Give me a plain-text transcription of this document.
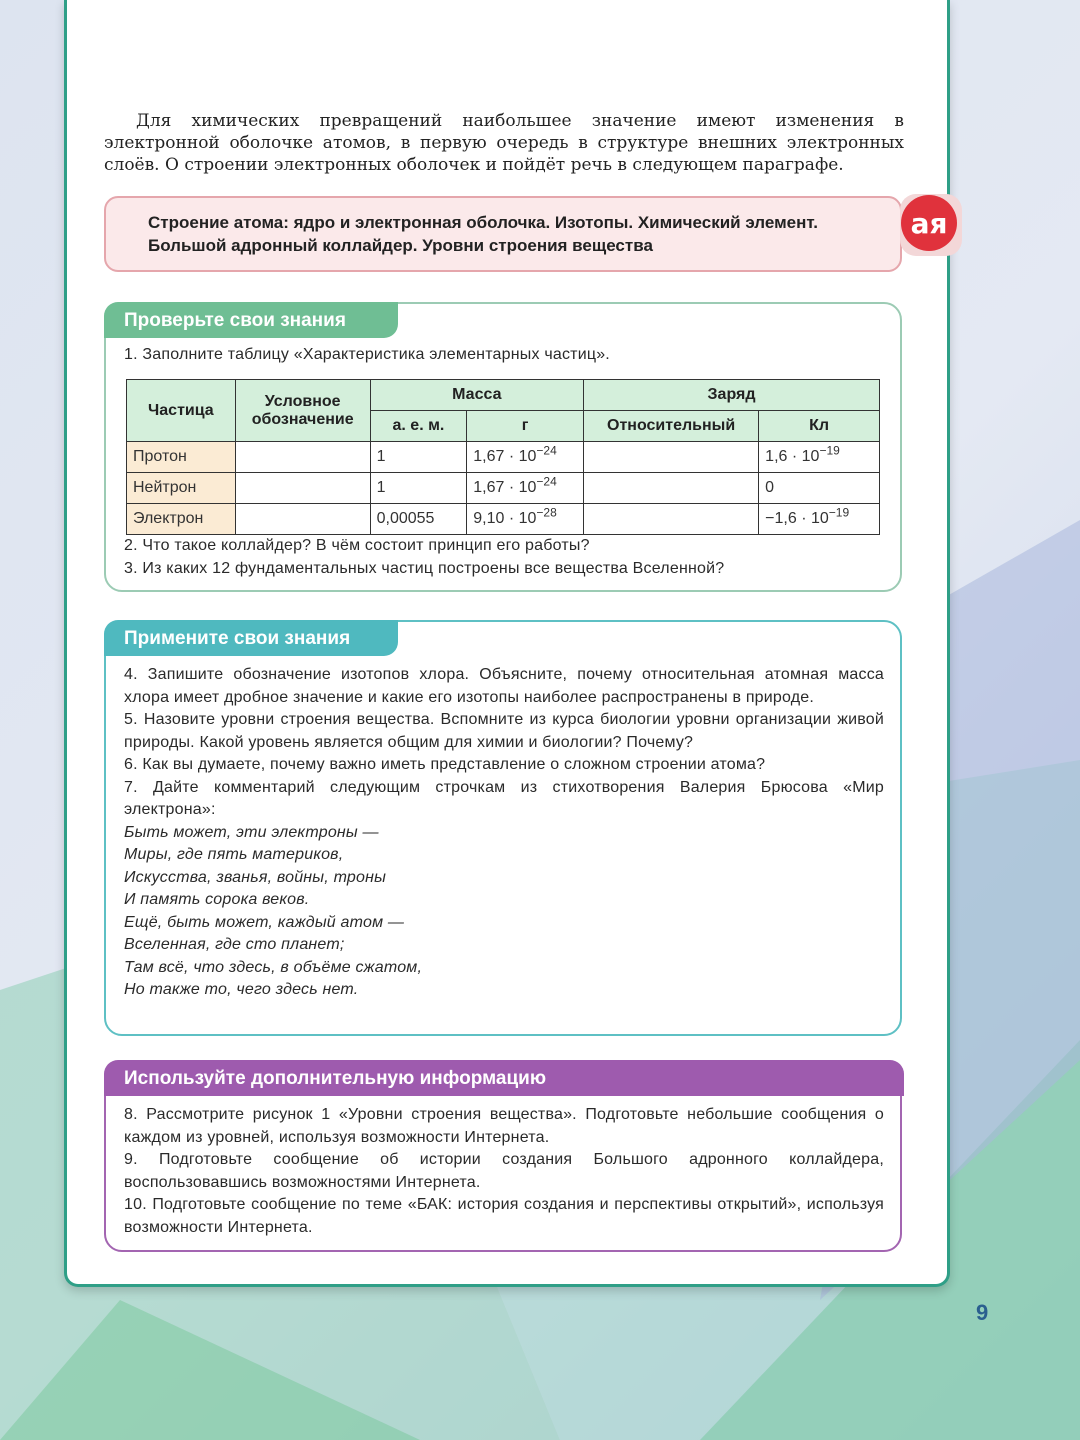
Для химических превращений наибольшее значение имеют изменения в электронной оболочке атомов, в первую очередь в структуре внешних электронных слоёв. О строении электронных оболочек и пойдёт речь в следующем параграфе.

Строение атома: ядро и электронная оболочка. Изотопы. Химический элемент. Большой адронный коллайдер. Уровни строения вещества

ая
Проверьте свои знания

1. Заполните таблицу «Характеристика элементарных частиц».

Частица	Условное обозначение	Масса		Заряд	
		а. е. м.	г	Относительный	Кл
Протон		1	$1,67 \cdot 10^{-24}$		$1,6 \cdot 10^{-19}$
Нейтрон		1	$1,67 \cdot 10^{-24}$		0
Электрон		0,00055	$9,10 \cdot 10^{-28}$		$-1,6 \cdot 10^{-19}$

2. Что такое коллайдер? В чём состоит принцип его работы?

3. Из каких 12 фундаментальных частиц построены все вещества Вселенной?

Примените свои знания

4. Запишите обозначение изотопов хлора. Объясните, почему относительная атомная масса хлора имеет дробное значение и какие его изотопы наиболее распространены в природе.

5. Назовите уровни строения вещества. Вспомните из курса биологии уровни организации живой природы. Какой уровень является общим для химии и биологии? Почему?

6. Как вы думаете, почему важно иметь представление о сложном строении атома?

7. Дайте комментарий следующим строчкам из стихотворения Валерия Брюсова «Мир электрона»:

Быть может, эти электроны —

Миры, где пять материков,

Искусства, званья, войны, троны

И память сорока веков.

Ещё, быть может, каждый атом —

Вселенная, где сто планет;

Там всё, что здесь, в объёме сжатом,

Но также то, чего здесь нет.

Используйте дополнительную информацию

8. Рассмотрите рисунок 1 «Уровни строения вещества». Подготовьте небольшие сообщения о каждом из уровней, используя возможности Интернета.

9. Подготовьте сообщение об истории создания Большого адронного коллайдера, воспользовавшись возможностями Интернета.

10. Подготовьте сообщение по теме «БАК: история создания и перспективы открытий», используя возможности Интернета.

9
